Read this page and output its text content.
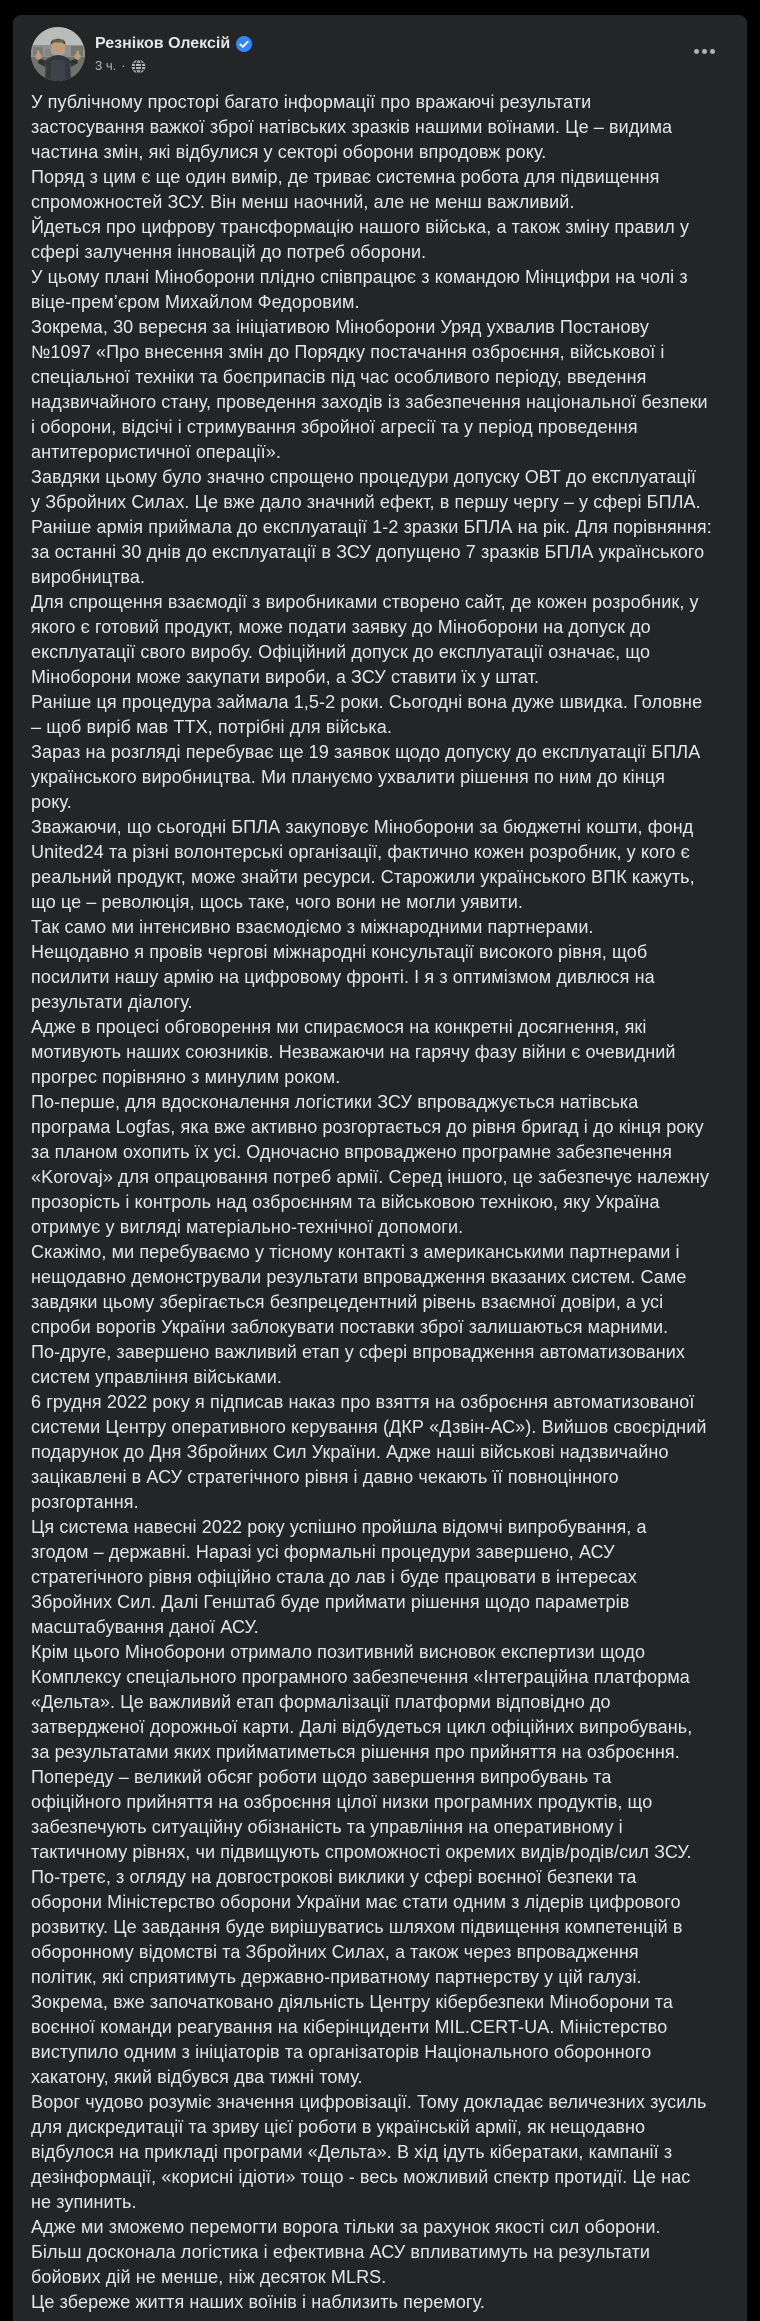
Резніков Олексій
3 ч. ·
У публічному просторі багато інформації про вражаючі результати
застосування важкої зброї натівських зразків нашими воїнами. Це – видима
частина змін, які відбулися у секторі оборони впродовж року.
Поряд з цим є ще один вимір, де триває системна робота для підвищення
спроможностей ЗСУ. Він менш наочний, але не менш важливий.
Йдеться про цифрову трансформацію нашого війська, а також зміну правил у
сфері залучення інновацій до потреб оборони.
У цьому плані Міноборони плідно співпрацює з командою Мінцифри на чолі з
віце-прем’єром Михайлом Федоровим.
Зокрема, 30 вересня за ініціативою Міноборони Уряд ухвалив Постанову
№1097 «Про внесення змін до Порядку постачання озброєння, військової і
спеціальної техніки та боєприпасів під час особливого періоду, введення
надзвичайного стану, проведення заходів із забезпечення національної безпеки
і оборони, відсічі і стримування збройної агресії та у період проведення
антитерористичної операції».
Завдяки цьому було значно спрощено процедури допуску ОВТ до експлуатації
у Збройних Силах. Це вже дало значний ефект, в першу чергу – у сфері БПЛА.
Раніше армія приймала до експлуатації 1-2 зразки БПЛА на рік. Для порівняння:
за останні 30 днів до експлуатації в ЗСУ допущено 7 зразків БПЛА українського
виробництва.
Для спрощення взаємодії з виробниками створено сайт, де кожен розробник, у
якого є готовий продукт, може подати заявку до Міноборони на допуск до
експлуатації свого виробу. Офіційний допуск до експлуатації означає, що
Міноборони може закупати вироби, а ЗСУ ставити їх у штат.
Раніше ця процедура займала 1,5-2 роки. Сьогодні вона дуже швидка. Головне
– щоб виріб мав ТТХ, потрібні для війська.
Зараз на розгляді перебуває ще 19 заявок щодо допуску до експлуатації БПЛА
українського виробництва. Ми плануємо ухвалити рішення по ним до кінця
року.
Зважаючи, що сьогодні БПЛА закуповує Міноборони за бюджетні кошти, фонд
United24 та різні волонтерські організації, фактично кожен розробник, у кого є
реальний продукт, може знайти ресурси. Старожили українського ВПК кажуть,
що це – революція, щось таке, чого вони не могли уявити.
Так само ми інтенсивно взаємодіємо з міжнародними партнерами.
Нещодавно я провів чергові міжнародні консультації високого рівня, щоб
посилити нашу армію на цифровому фронті. І я з оптимізмом дивлюся на
результати діалогу.
Адже в процесі обговорення ми спираємося на конкретні досягнення, які
мотивують наших союзників. Незважаючи на гарячу фазу війни є очевидний
прогрес порівняно з минулим роком.
По-перше, для вдосконалення логістики ЗСУ впроваджується натівська
програма Logfas, яка вже активно розгортається до рівня бригад і до кінця року
за планом охопить їх усі. Одночасно впроваджено програмне забезпечення
«Korovaj» для опрацювання потреб армії. Серед іншого, це забезпечує належну
прозорість і контроль над озброєнням та військовою технікою, яку Україна
отримує у вигляді матеріально-технічної допомоги.
Скажімо, ми перебуваємо у тісному контакті з американськими партнерами і
нещодавно демонстрували результати впровадження вказаних систем. Саме
завдяки цьому зберігається безпрецедентний рівень взаємної довіри, а усі
спроби ворогів України заблокувати поставки зброї залишаються марними.
По-друге, завершено важливий етап у сфері впровадження автоматизованих
систем управління військами.
6 грудня 2022 року я підписав наказ про взяття на озброєння автоматизованої
системи Центру оперативного керування (ДКР «Дзвін-АС»). Вийшов своєрідний
подарунок до Дня Збройних Сил України. Адже наші військові надзвичайно
зацікавлені в АСУ стратегічного рівня і давно чекають її повноцінного
розгортання.
Ця система навесні 2022 року успішно пройшла відомчі випробування, а
згодом – державні. Наразі усі формальні процедури завершено, АСУ
стратегічного рівня офіційно стала до лав і буде працювати в інтересах
Збройних Сил. Далі Генштаб буде приймати рішення щодо параметрів
масштабування даної АСУ.
Крім цього Міноборони отримало позитивний висновок експертизи щодо
Комплексу спеціального програмного забезпечення «Інтеграційна платформа
«Дельта». Це важливий етап формалізації платформи відповідно до
затвердженої дорожньої карти. Далі відбудеться цикл офіційних випробувань,
за результатами яких прийматиметься рішення про прийняття на озброєння.
Попереду – великий обсяг роботи щодо завершення випробувань та
офіційного прийняття на озброєння цілої низки програмних продуктів, що
забезпечують ситуаційну обізнаність та управління на оперативному і
тактичному рівнях, чи підвищують спроможності окремих видів/родів/сил ЗСУ.
По-третє, з огляду на довгострокові виклики у сфері воєнної безпеки та
оборони Міністерство оборони України має стати одним з лідерів цифрового
розвитку. Це завдання буде вирішуватись шляхом підвищення компетенцій в
оборонному відомстві та Збройних Силах, а також через впровадження
політик, які сприятимуть державно-приватному партнерству у цій галузі.
Зокрема, вже започатковано діяльність Центру кібербезпеки Міноборони та
воєнної команди реагування на кіберінциденти MIL.CERT-UA. Міністерство
виступило одним з ініціаторів та організаторів Національного оборонного
хакатону, який відбувся два тижні тому.
Ворог чудово розуміє значення цифровізації. Тому докладає величезних зусиль
для дискредитації та зриву цієї роботи в українській армії, як нещодавно
відбулося на прикладі програми «Дельта». В хід ідуть кібератаки, кампанії з
дезінформації, «корисні ідіоти» тощо - весь можливий спектр протидії. Це нас
не зупинить.
Адже ми зможемо перемогти ворога тільки за рахунок якості сил оборони.
Більш досконала логістика і ефективна АСУ впливатимуть на результати
бойових дій не менше, ніж десяток MLRS.
Це збереже життя наших воїнів і наблизить перемогу.
